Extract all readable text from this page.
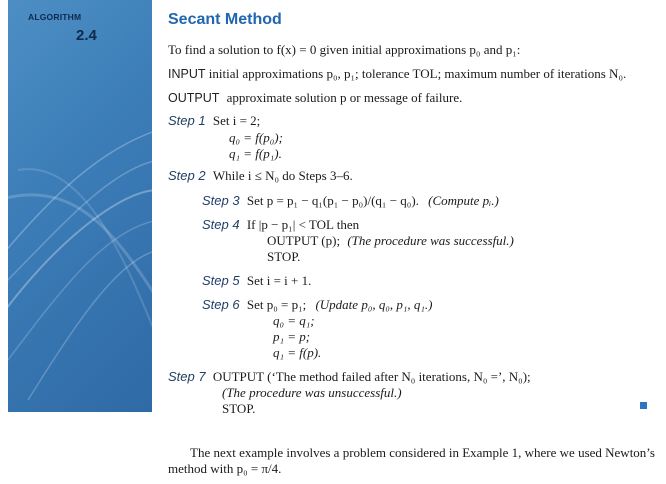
ALGORITHM
2.4
Secant Method
To find a solution to f(x) = 0 given initial approximations p₀ and p₁:
INPUT initial approximations p₀, p₁; tolerance TOL; maximum number of iterations N₀.
OUTPUT approximate solution p or message of failure.
Step 1 Set i = 2;
q₀ = f(p₀);
q₁ = f(p₁).
Step 2 While i ≤ N₀ do Steps 3–6.
Step 3 Set p = p₁ − q₁(p₁ − p₀)/(q₁ − q₀). (Compute pᵢ.)
Step 4 If |p − p₁| < TOL then
OUTPUT (p); (The procedure was successful.)
STOP.
Step 5 Set i = i + 1.
Step 6 Set p₀ = p₁; (Update p₀, q₀, p₁, q₁.)
q₀ = q₁;
p₁ = p;
q₁ = f(p).
Step 7 OUTPUT (‘The method failed after N₀ iterations, N₀ =’, N₀);
(The procedure was unsuccessful.)
STOP.
The next example involves a problem considered in Example 1, where we used Newton’s
method with p₀ = π/4.
